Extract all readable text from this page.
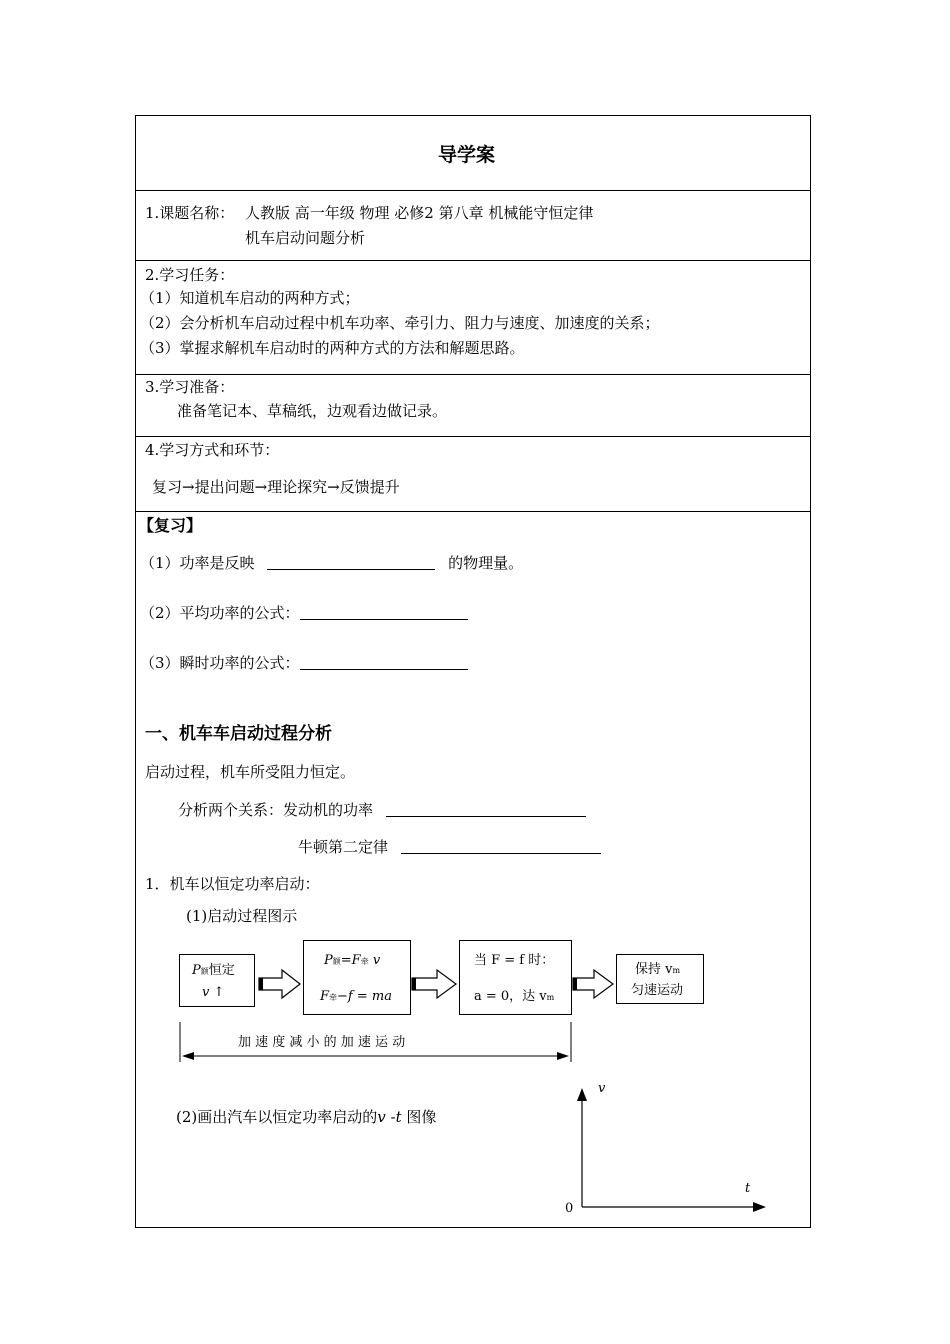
导学案
1.课题名称： 人教版 高一年级 物理 必修2 第八章 机械能守恒定律
机车启动问题分析
2.学习任务：
（1）知道机车启动的两种方式；
（2）会分析机车启动过程中机车功率、牵引力、阻力与速度、加速度的关系；
（3）掌握求解机车启动时的两种方式的方法和解题思路。
3.学习准备：
准备笔记本、草稿纸，边观看边做记录。
4.学习方式和环节：
复习→提出问题→理论探究→反馈提升
【复习】
（1）功率是反映	的物理量。
（2）平均功率的公式：
（3）瞬时功率的公式：
一、机车车启动过程分析
启动过程，机车所受阻力恒定。
分析两个关系：发动机的功率
牛顿第二定律
1．机车以恒定功率启动：
(1)启动过程图示
P额恒定
v ↑
P额=F牵 v
F牵−f = ma
当 F = f 时：
a = 0，达 vm
保持 vm
匀速运动
加 速 度 减 小 的 加 速 运 动
(2)画出汽车以恒定功率启动的v -t 图像
v
t
0
